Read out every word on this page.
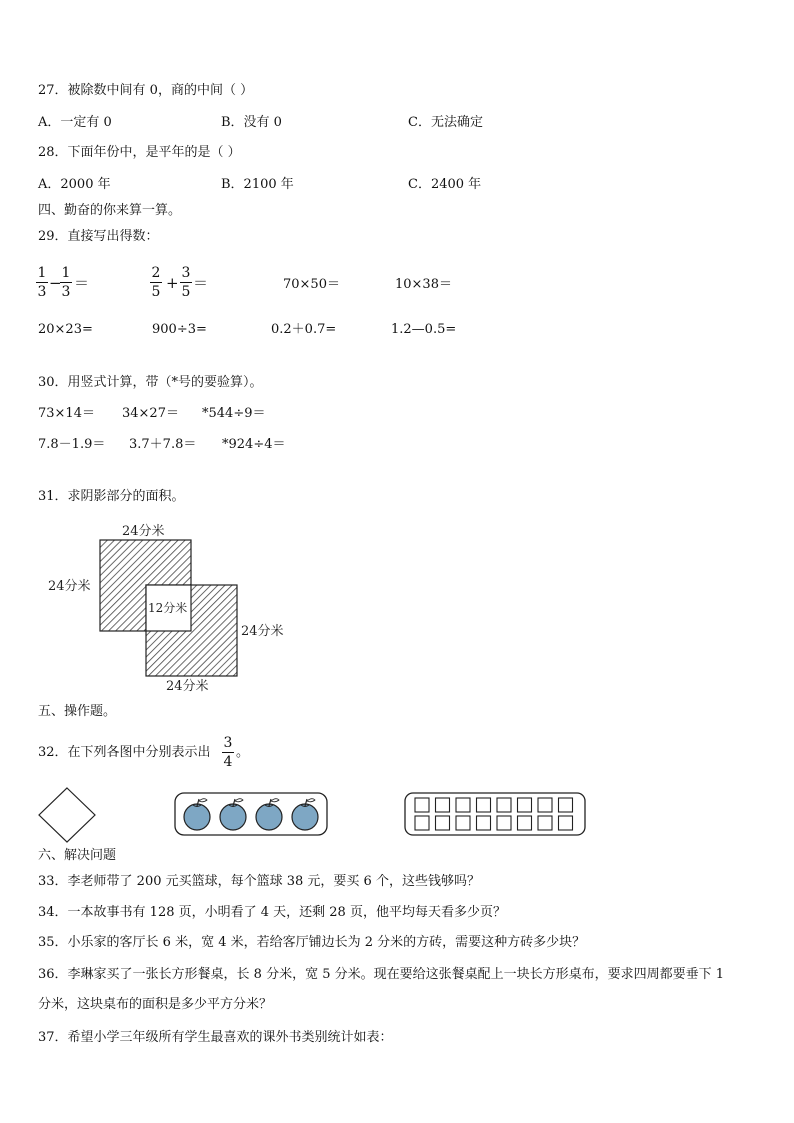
27．被除数中间有 0，商的中间（ ）
A．一定有 0	B．没有 0	C．无法确定
28．下面年份中，是平年的是（ ）
A．2000 年	B．2100 年	C．2400 年
四、勤奋的你来算一算。
29．直接写出得数：
1
3 −
1
3 ＝
2
5 +
3
5 ＝	70×50＝	10×38＝
20×23=	900÷3=	0.2＋0.7=	1.2—0.5=
30．用竖式计算，带（*号的要验算）。
73×14＝ 34×27＝ *544÷9＝
7.8－1.9＝ 3.7＋7.8＝ *924÷4＝
31．求阴影部分的面积。
24分米
24分米
12分米
24分米
24分米
五、操作题。
32．在下列各图中分别表示出
3
4
。
六、解决问题
33．李老师带了 200 元买篮球，每个篮球 38 元，要买 6 个，这些钱够吗？
34．一本故事书有 128 页，小明看了 4 天，还剩 28 页，他平均每天看多少页？
35．小乐家的客厅长 6 米，宽 4 米，若给客厅铺边长为 2 分米的方砖，需要这种方砖多少块？
36．李琳家买了一张长方形餐桌，长 8 分米，宽 5 分米。现在要给这张餐桌配上一块长方形桌布，要求四周都要垂下 1
分米，这块桌布的面积是多少平方分米？
37．希望小学三年级所有学生最喜欢的课外书类别统计如表：
